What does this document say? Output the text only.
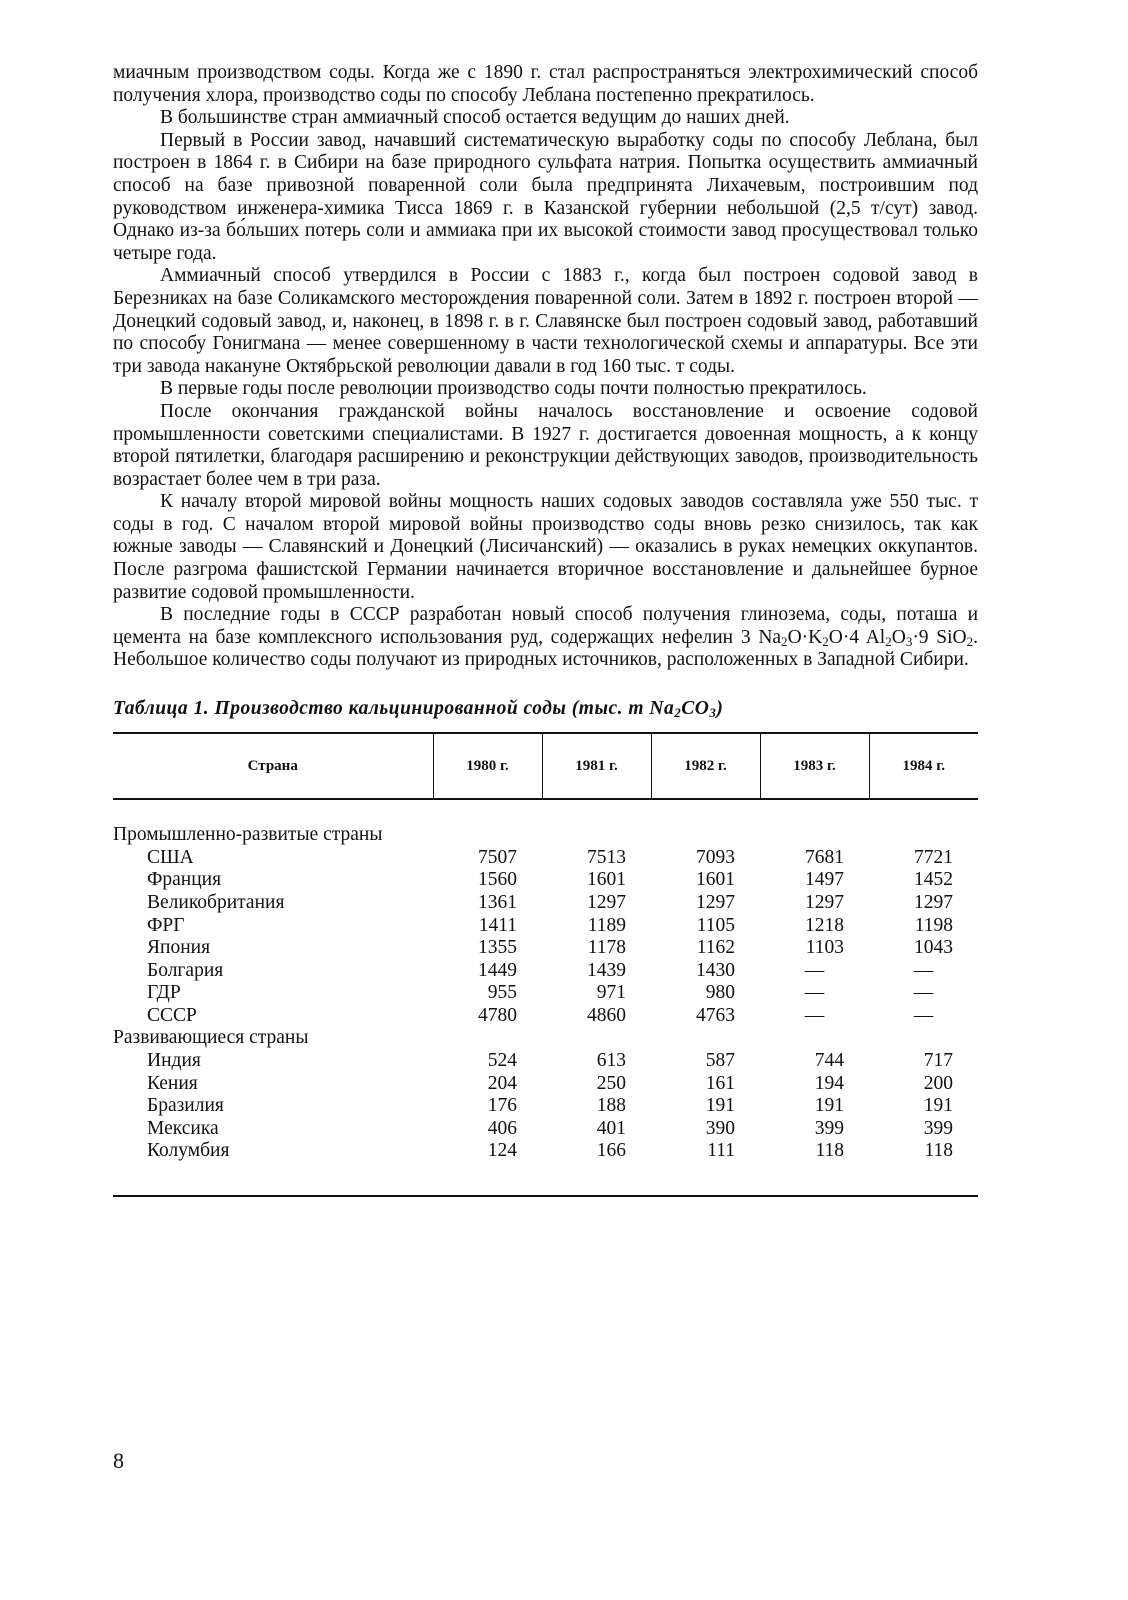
миачным производством соды. Когда же с 1890 г. стал распространяться электрохимический способ получения хлора, производство соды по способу Леблана постепенно прекратилось.

В большинстве стран аммиачный способ остается ведущим до наших дней.

Первый в России завод, начавший систематическую выработку соды по способу Леблана, был построен в 1864 г. в Сибири на базе природного сульфата натрия. Попытка осуществить аммиачный способ на базе привозной поваренной соли была предпринята Лихачевым, построившим под руководством инженера-химика Тисса 1869 г. в Казанской губернии небольшой (2,5 т/сут) завод. Однако из-за бо́льших потерь соли и аммиака при их высокой стоимости завод просуществовал только четыре года.

Аммиачный способ утвердился в России с 1883 г., когда был построен содовой завод в Березниках на базе Соликамского месторождения поваренной соли. Затем в 1892 г. построен второй — Донецкий содовый завод, и, наконец, в 1898 г. в г. Славянске был построен содовый завод, работавший по способу Гонигмана — менее совершенному в части технологической схемы и аппаратуры. Все эти три завода накануне Октябрьской революции давали в год 160 тыс. т соды.

В первые годы после революции производство соды почти полностью прекратилось.

После окончания гражданской войны началось восстановление и освоение содовой промышленности советскими специалистами. В 1927 г. достигается довоенная мощность, а к концу второй пятилетки, благодаря расширению и реконструкции действующих заводов, производительность возрастает более чем в три раза.

К началу второй мировой войны мощность наших содовых заводов составляла уже 550 тыс. т соды в год. С началом второй мировой войны производство соды вновь резко снизилось, так как южные заводы — Славянский и Донецкий (Лисичанский) — оказались в руках немецких оккупантов. После разгрома фашистской Германии начинается вторичное восстановление и дальнейшее бурное развитие содовой промышленности.

В последние годы в СССР разработан новый способ получения глинозема, соды, поташа и цемента на базе комплексного использования руд, содержащих нефелин 3 $Na_2O\cdot K_2O\cdot 4$ $Al_2O_3\cdot 9$ SiO$_2$. Небольшое количество соды получают из природных источников, расположенных в Западной Сибири.

Таблица 1. Производство кальцинированной соды (тыс. т $Na_2CO_3$)
Страна	1980 г.	1981 г.	1982 г.	1983 г.	1984 г.

Промышленно-развитые страны					
США	7507	7513	7093	7681	7721
Франция	1560	1601	1601	1497	1452
Великобритания	1361	1297	1297	1297	1297
ФРГ	1411	1189	1105	1218	1198
Япония	1355	1178	1162	1103	1043
Болгария	1449	1439	1430	—	—
ГДР	955	971	980	—	—
СССР	4780	4860	4763	—	—
Развивающиеся страны					
Индия	524	613	587	744	717
Кения	204	250	161	194	200
Бразилия	176	188	191	191	191
Мексика	406	401	390	399	399
Колумбия	124	166	111	118	118

8
